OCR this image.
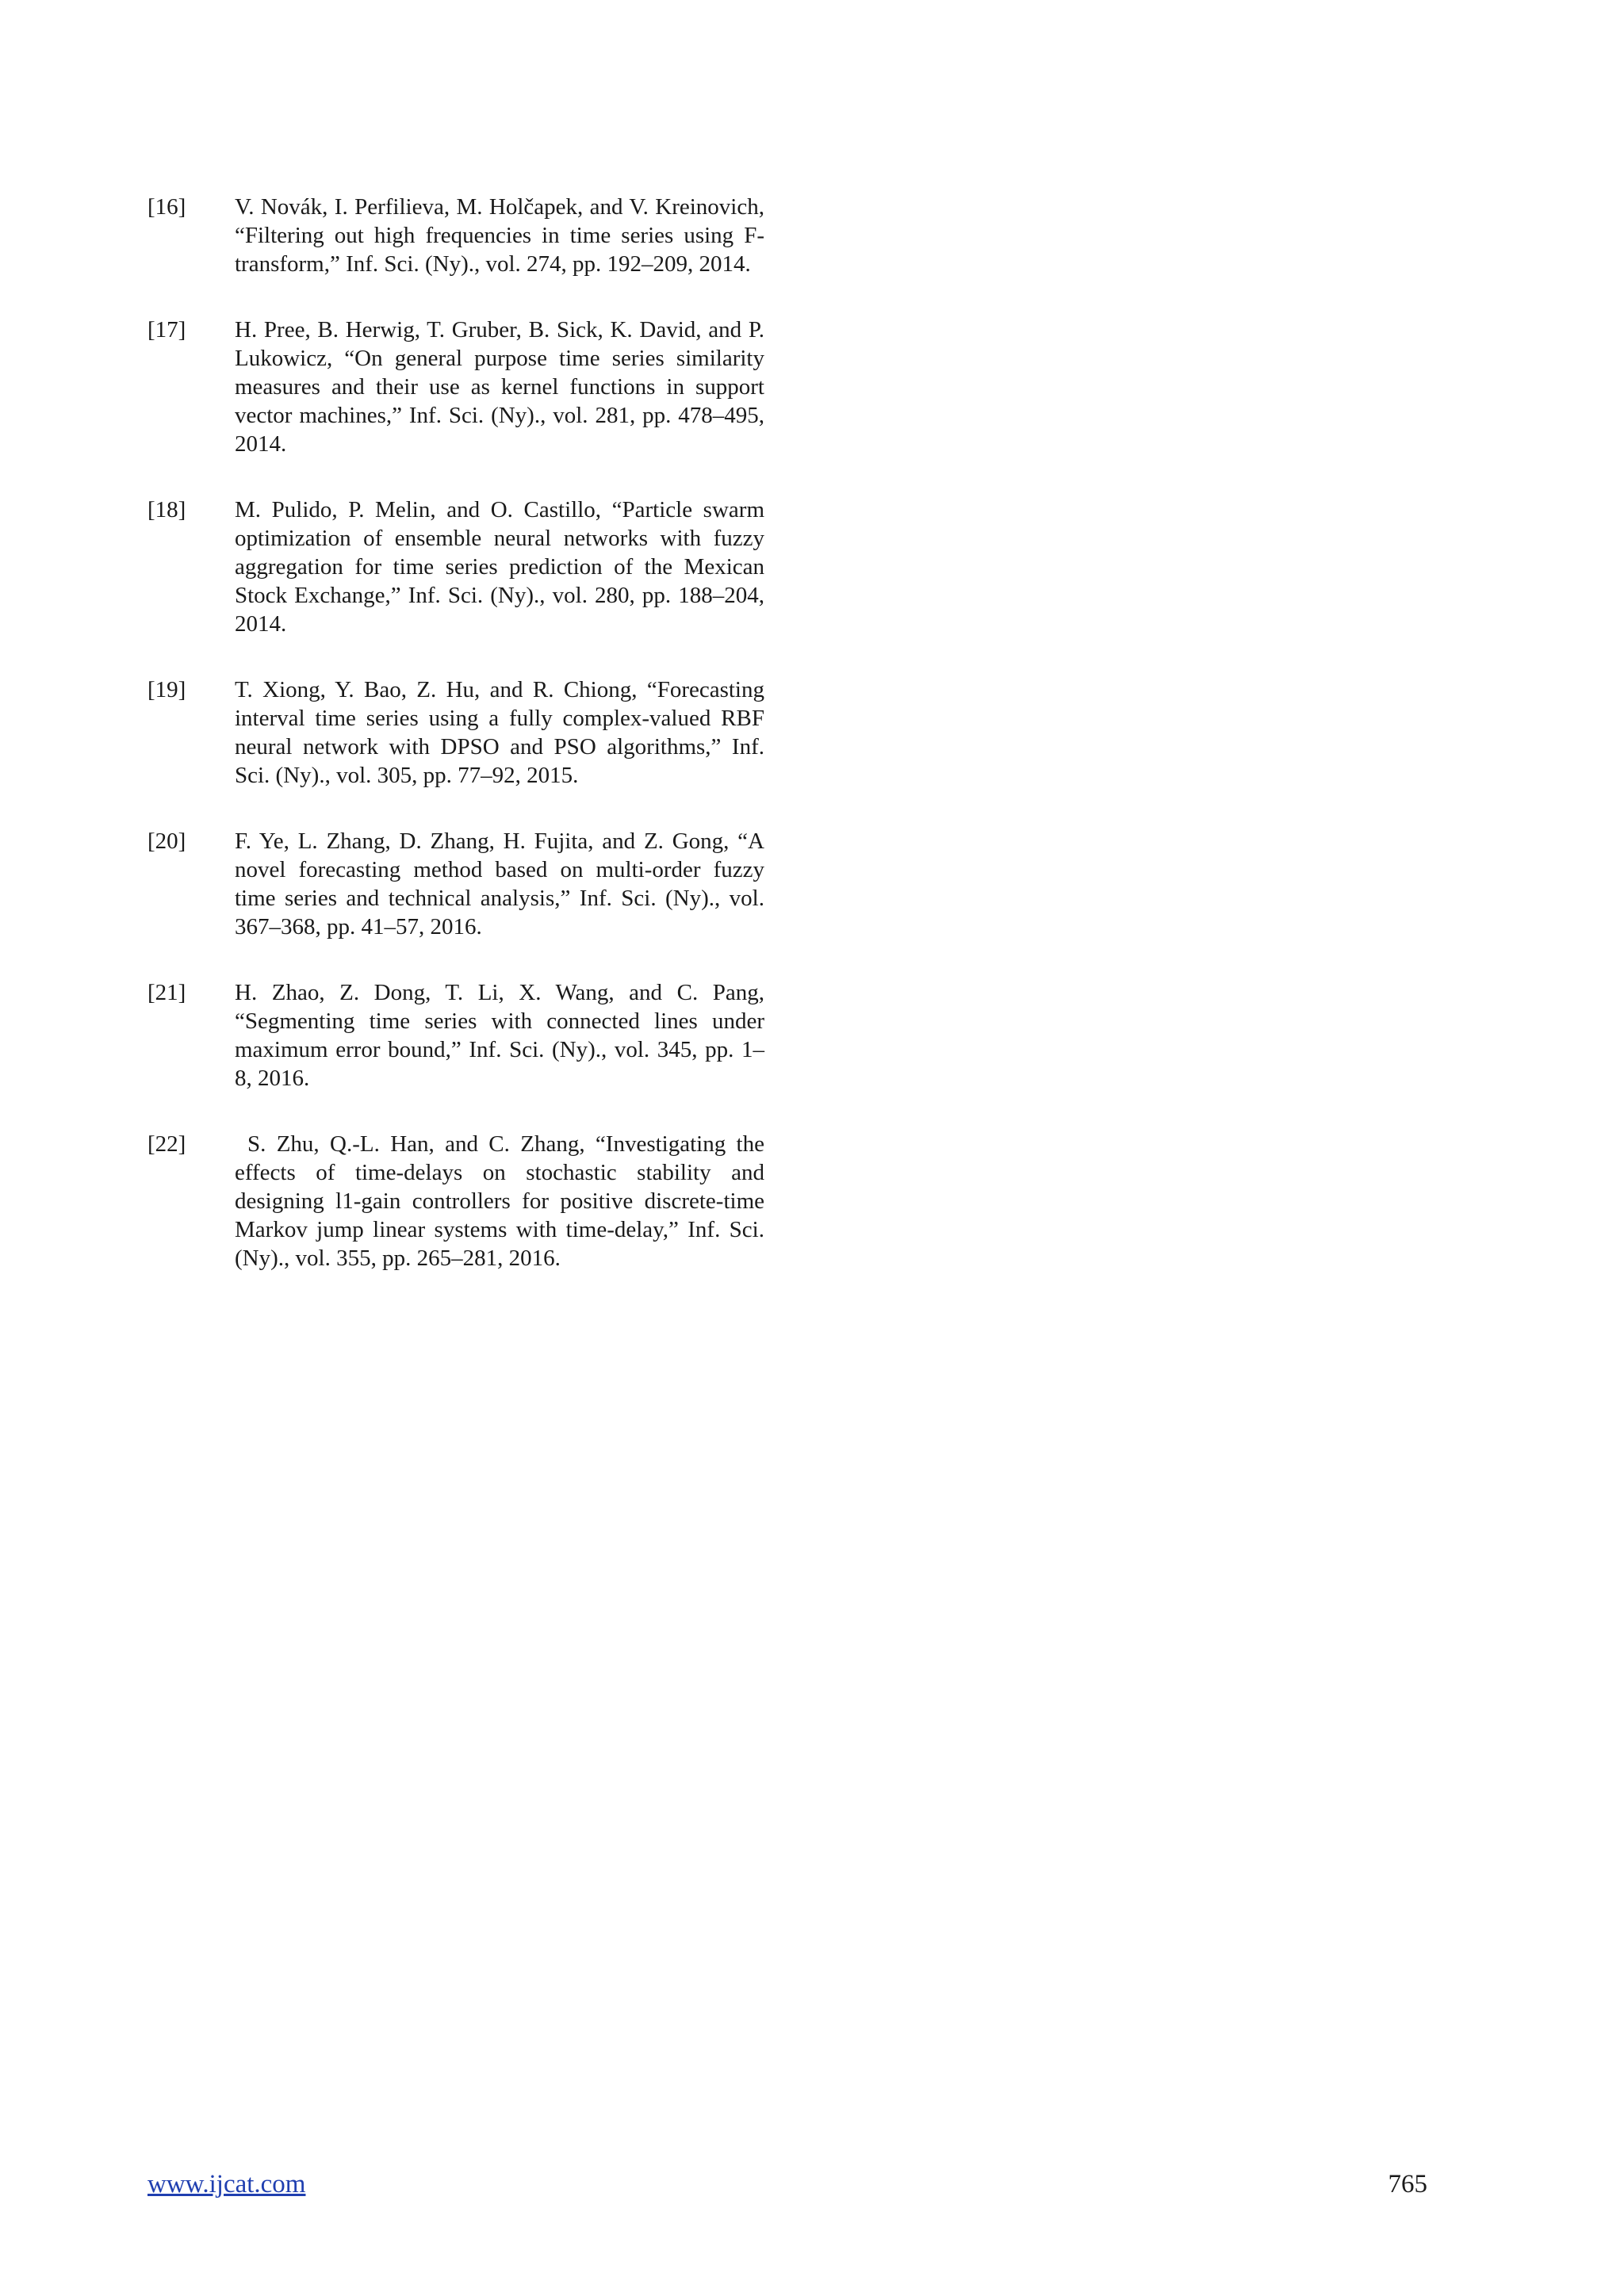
[16] V. Novák, I. Perfilieva, M. Holčapek, and V. Kreinovich, “Filtering out high frequencies in time series using F-transform,” Inf. Sci. (Ny)., vol. 274, pp. 192–209, 2014.
[17] H. Pree, B. Herwig, T. Gruber, B. Sick, K. David, and P. Lukowicz, “On general purpose time series similarity measures and their use as kernel functions in support vector machines,” Inf. Sci. (Ny)., vol. 281, pp. 478–495, 2014.
[18] M. Pulido, P. Melin, and O. Castillo, “Particle swarm optimization of ensemble neural networks with fuzzy aggregation for time series prediction of the Mexican Stock Exchange,” Inf. Sci. (Ny)., vol. 280, pp. 188–204, 2014.
[19] T. Xiong, Y. Bao, Z. Hu, and R. Chiong, “Forecasting interval time series using a fully complex-valued RBF neural network with DPSO and PSO algorithms,” Inf. Sci. (Ny)., vol. 305, pp. 77–92, 2015.
[20] F. Ye, L. Zhang, D. Zhang, H. Fujita, and Z. Gong, “A novel forecasting method based on multi-order fuzzy time series and technical analysis,” Inf. Sci. (Ny)., vol. 367–368, pp. 41–57, 2016.
[21] H. Zhao, Z. Dong, T. Li, X. Wang, and C. Pang, “Segmenting time series with connected lines under maximum error bound,” Inf. Sci. (Ny)., vol. 345, pp. 1–8, 2016.
[22]	S. Zhu, Q.-L. Han, and C. Zhang, “Investigating the effects of time-delays on stochastic stability and designing l1-gain controllers for positive discrete-time Markov jump linear systems with time-delay,” Inf. Sci. (Ny)., vol. 355, pp. 265–281, 2016.
www.ijcat.com	765
